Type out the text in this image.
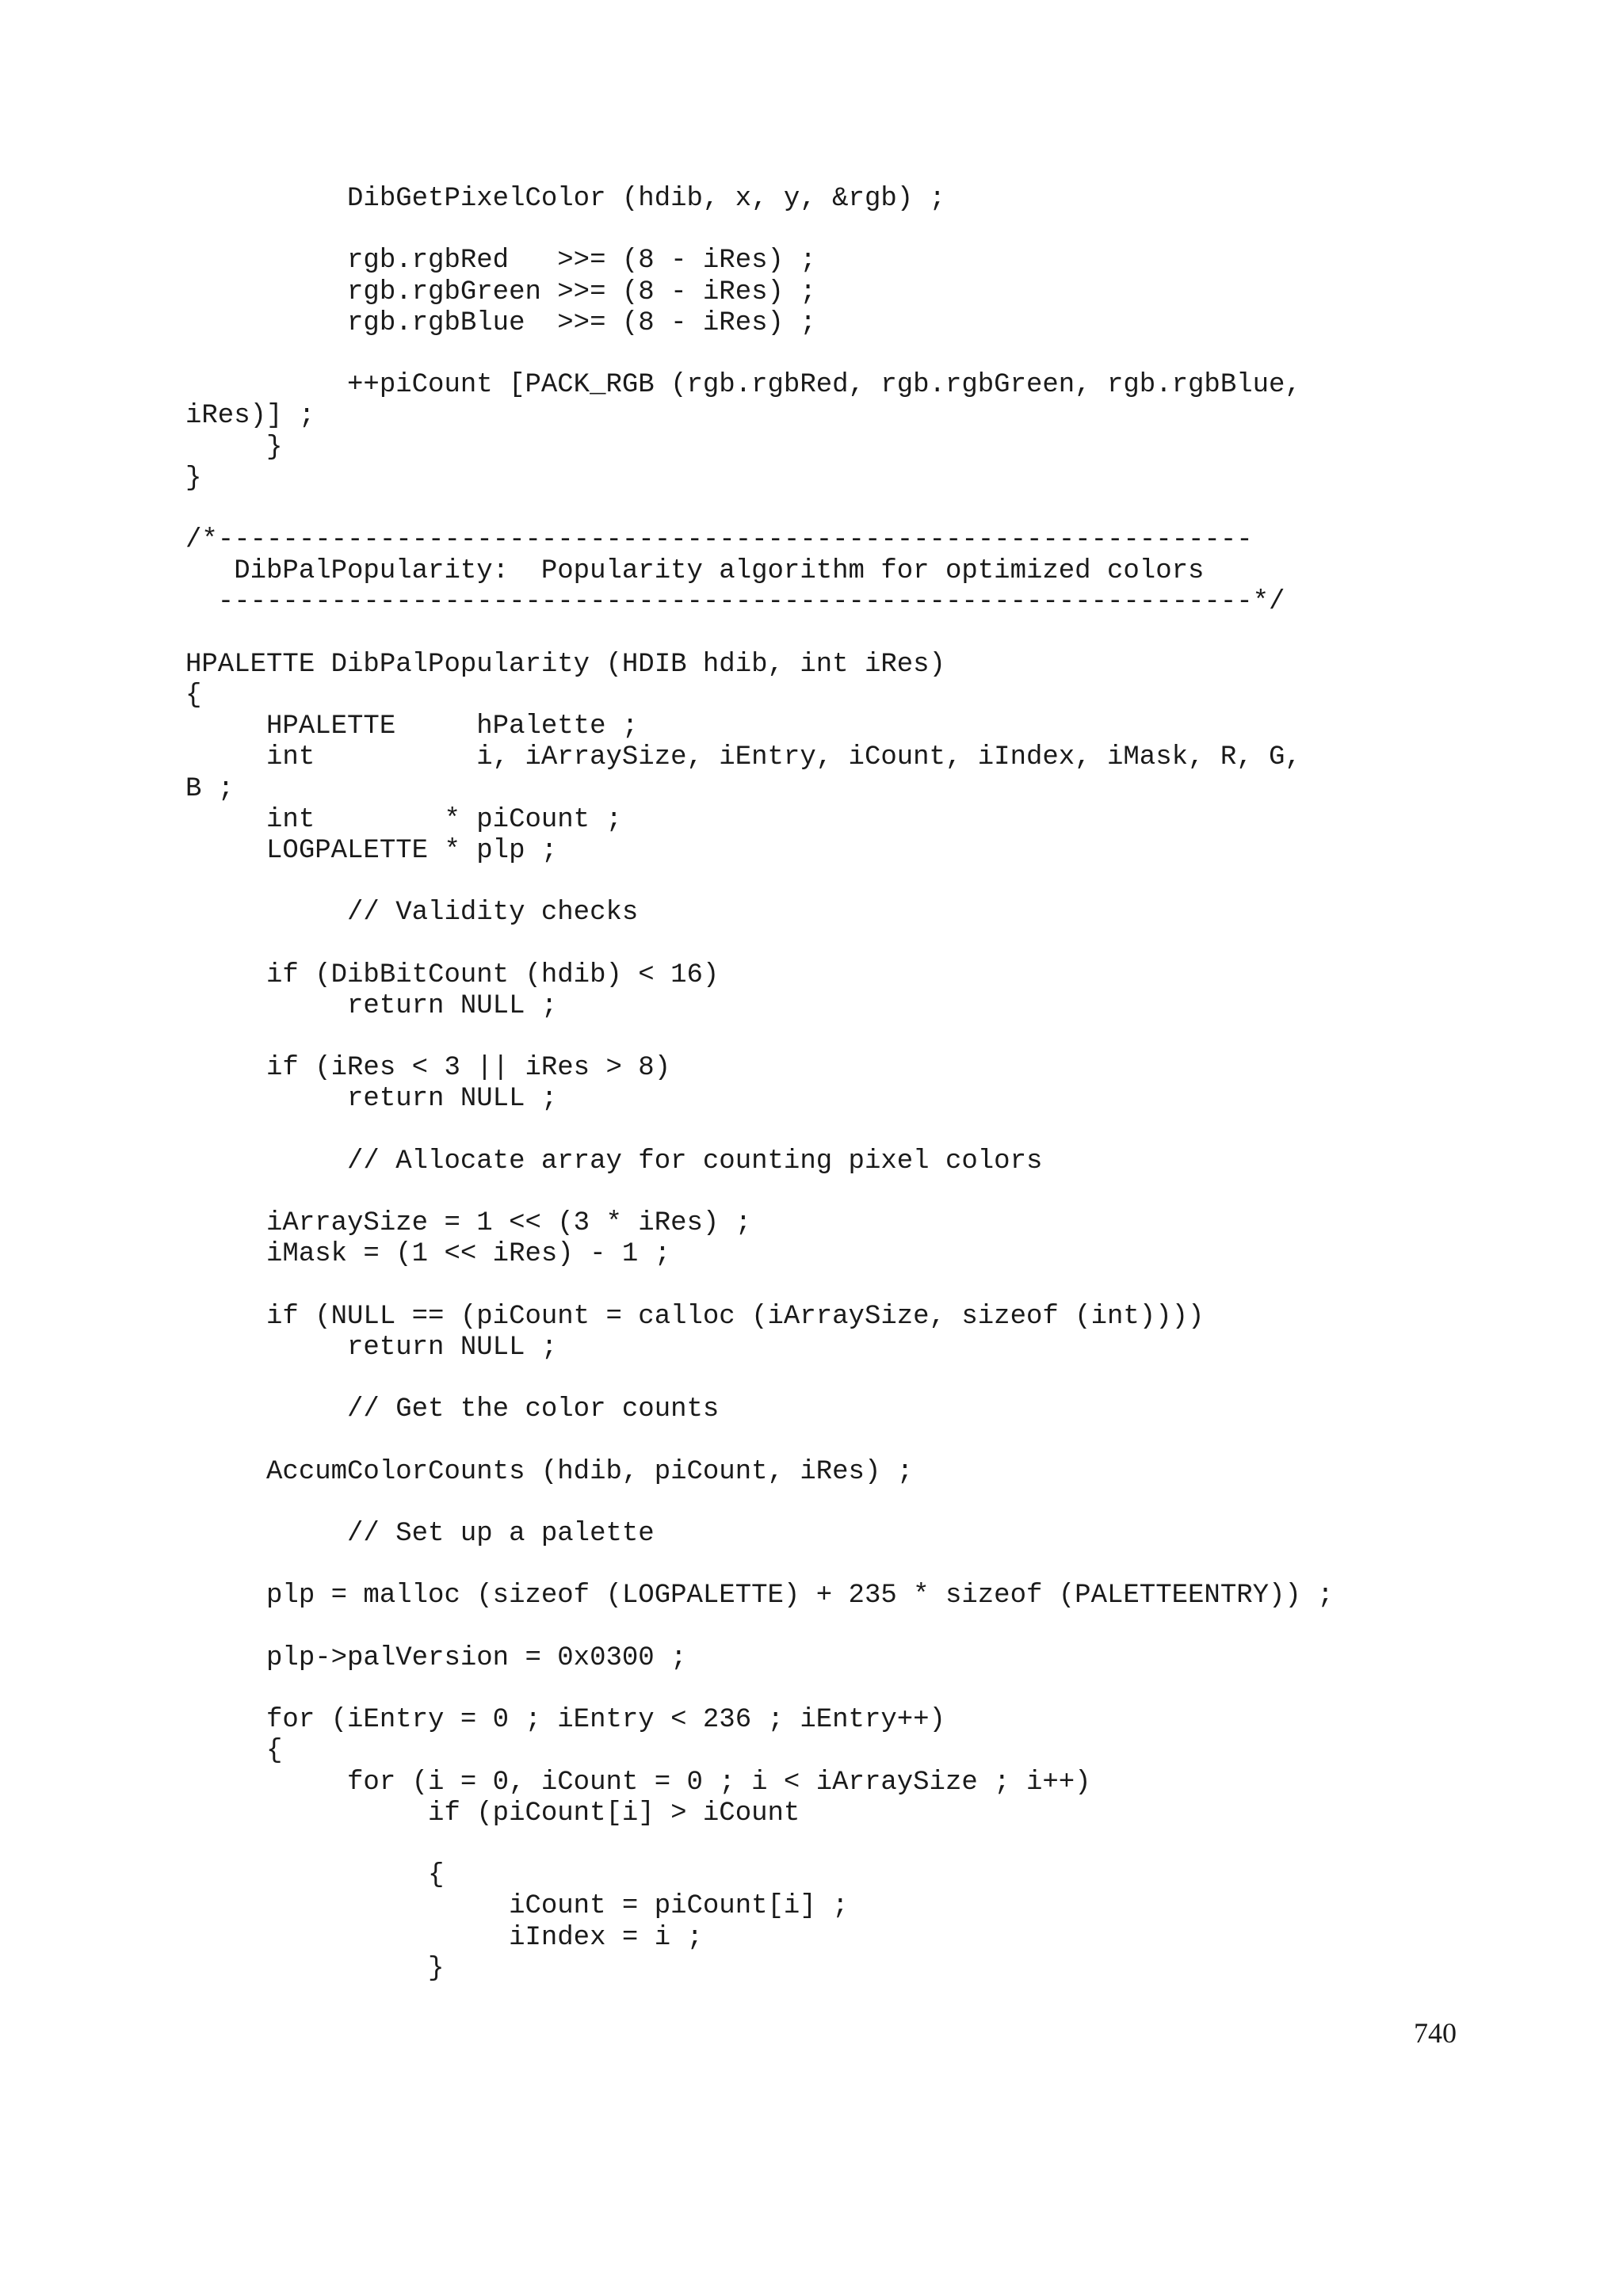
DibGetPixelColor (hdib, x, y, &rgb) ;
rgb.rgbRed   >>= (8 - iRes) ;
rgb.rgbGreen >>= (8 - iRes) ;
rgb.rgbBlue  >>= (8 - iRes) ;
++piCount [PACK_RGB (rgb.rgbRed, rgb.rgbGreen, rgb.rgbBlue,
iRes)] ;
}
}
/*----------------------------------------------------------------
DibPalPopularity:  Popularity algorithm for optimized colors
----------------------------------------------------------------*/
HPALETTE DibPalPopularity (HDIB hdib, int iRes)
{
HPALETTE     hPalette ;
int          i, iArraySize, iEntry, iCount, iIndex, iMask, R, G,
B ;
int        * piCount ;
LOGPALETTE * plp ;
// Validity checks
if (DibBitCount (hdib) < 16)
return NULL ;
if (iRes < 3 || iRes > 8)
return NULL ;
// Allocate array for counting pixel colors
iArraySize = 1 << (3 * iRes) ;
iMask = (1 << iRes) - 1 ;
if (NULL == (piCount = calloc (iArraySize, sizeof (int))))
return NULL ;
// Get the color counts
AccumColorCounts (hdib, piCount, iRes) ;
// Set up a palette
plp = malloc (sizeof (LOGPALETTE) + 235 * sizeof (PALETTEENTRY)) ;
plp->palVersion = 0x0300 ;
for (iEntry = 0 ; iEntry < 236 ; iEntry++)
{
for (i = 0, iCount = 0 ; i < iArraySize ; i++)
if (piCount[i] > iCount
{
iCount = piCount[i] ;
iIndex = i ;
}
740
